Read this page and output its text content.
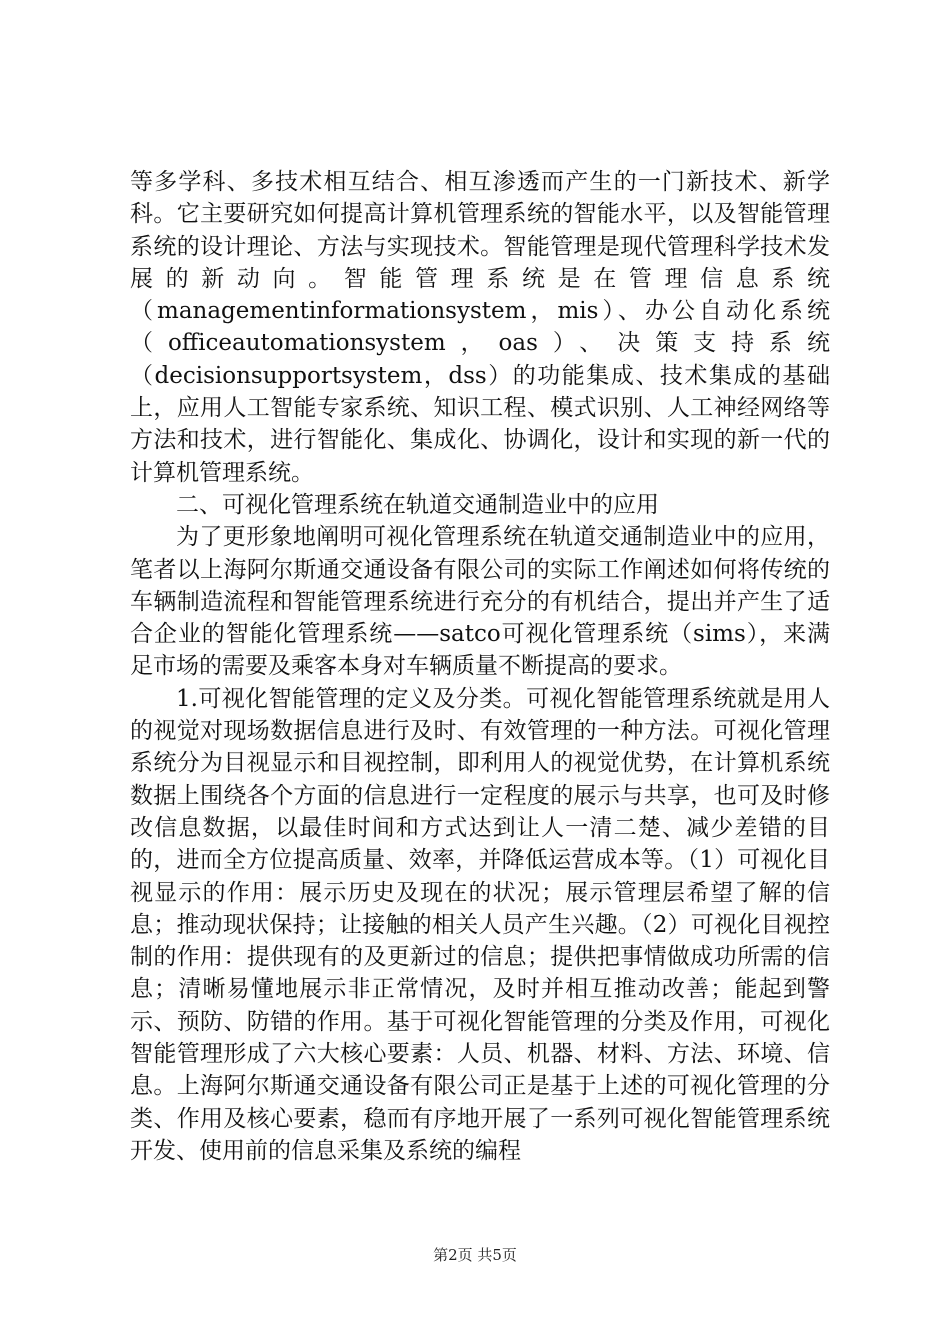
等多学科、多技术相互结合、相互渗透而产生的一门新技术、新学科。它主要研究如何提高计算机管理系统的智能水平，以及智能管理系统的设计理论、方法与实现技术。智能管理是现代管理科学技术发展的新动向。智能管理系统是在管理信息系统（managementinformationsystem，mis）、办公自动化系统（officeautomationsystem，oas）、决策支持系统（decisionsupportsystem，dss）的功能集成、技术集成的基础上，应用人工智能专家系统、知识工程、模式识别、人工神经网络等方法和技术，进行智能化、集成化、协调化，设计和实现的新一代的计算机管理系统。

二、可视化管理系统在轨道交通制造业中的应用

为了更形象地阐明可视化管理系统在轨道交通制造业中的应用，笔者以上海阿尔斯通交通设备有限公司的实际工作阐述如何将传统的车辆制造流程和智能管理系统进行充分的有机结合，提出并产生了适合企业的智能化管理系统——satco可视化管理系统（sims），来满足市场的需要及乘客本身对车辆质量不断提高的要求。

1.可视化智能管理的定义及分类。可视化智能管理系统就是用人的视觉对现场数据信息进行及时、有效管理的一种方法。可视化管理系统分为目视显示和目视控制，即利用人的视觉优势，在计算机系统数据上围绕各个方面的信息进行一定程度的展示与共享，也可及时修改信息数据，以最佳时间和方式达到让人一清二楚、减少差错的目的，进而全方位提高质量、效率，并降低运营成本等。（1）可视化目视显示的作用：展示历史及现在的状况；展示管理层希望了解的信息；推动现状保持；让接触的相关人员产生兴趣。（2）可视化目视控制的作用：提供现有的及更新过的信息；提供把事情做成功所需的信息；清晰易懂地展示非正常情况，及时并相互推动改善；能起到警示、预防、防错的作用。基于可视化智能管理的分类及作用，可视化智能管理形成了六大核心要素：人员、机器、材料、方法、环境、信息。上海阿尔斯通交通设备有限公司正是基于上述的可视化管理的分类、作用及核心要素，稳而有序地开展了一系列可视化智能管理系统开发、使用前的信息采集及系统的编程

第2页 共5页
